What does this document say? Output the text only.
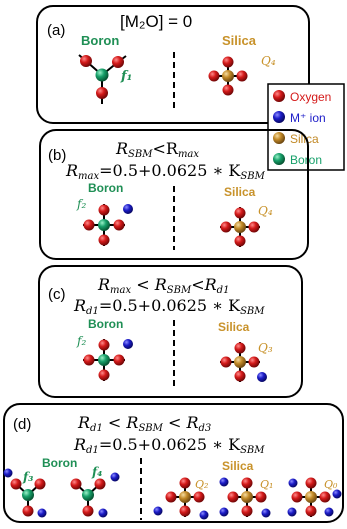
(a)	[M₂O] = 0
Boron	Silica
f₁
Q₄
Oxygen
M⁺ ion
Silica
Boron
(b)	RSBM<Rmax
Rmax=0.5+0.0625 ∗ KSBM
Boron	Silica
f₂	Q₄
(c)
Rmax < RSBM<Rd1
Rd1=0.5+0.0625 ∗ KSBM
Boron	Silica
f₂	Q₃
(d)	Rd1 < RSBM < Rd3
Rd1=0.5+0.0625 ∗ KSBM
Boron	Silica
f₃	f₄
Q₂	Q₁	Q₀
